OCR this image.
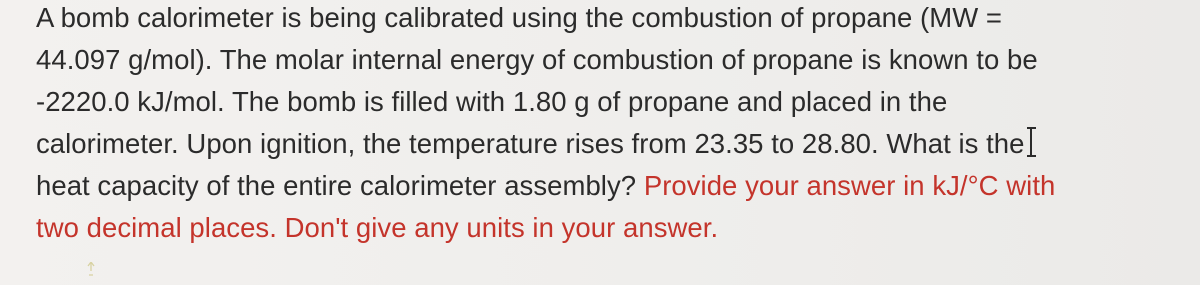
A bomb calorimeter is being calibrated using the combustion of propane (MW =
44.097 g/mol). The molar internal energy of combustion of propane is known to be
-2220.0 kJ/mol. The bomb is filled with 1.80 g of propane and placed in the
calorimeter. Upon ignition, the temperature rises from 23.35 to 28.80. What is the
heat capacity of the entire calorimeter assembly? Provide your answer in kJ/°C with
two decimal places. Don't give any units in your answer.
